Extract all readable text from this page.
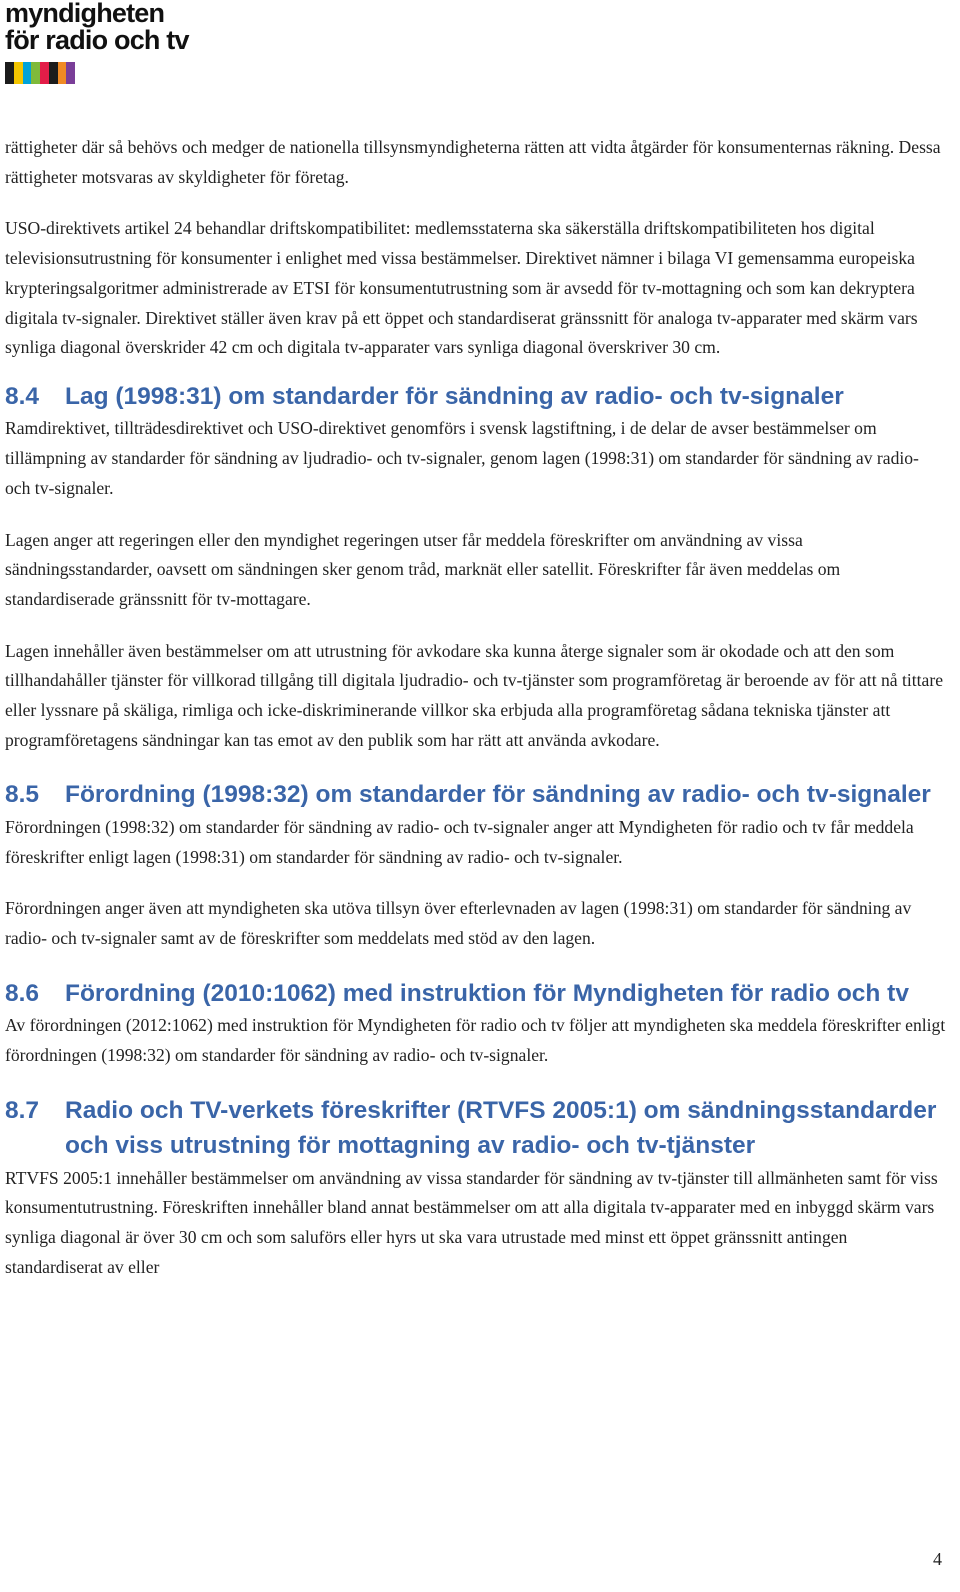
myndigheten
för radio och tv

rättigheter där så behövs och medger de nationella tillsynsmyndigheterna rätten att vidta åtgärder för konsumenternas räkning. Dessa rättigheter motsvaras av skyldigheter för företag.

USO-direktivets artikel 24 behandlar driftskompatibilitet: medlemsstaterna ska säkerställa driftskompatibiliteten hos digital televisionsutrustning för konsumenter i enlighet med vissa bestämmelser. Direktivet nämner i bilaga VI gemensamma europeiska krypteringsalgoritmer administrerade av ETSI för konsumentutrustning som är avsedd för tv-mottagning och som kan dekryptera digitala tv-signaler. Direktivet ställer även krav på ett öppet och standardiserat gränssnitt för analoga tv-apparater med skärm vars synliga diagonal överskrider 42 cm och digitala tv-apparater vars synliga diagonal överskriver 30 cm.

8.4	Lag (1998:31) om standarder för sändning av radio- och tv-signaler

Ramdirektivet, tillträdesdirektivet och USO-direktivet genomförs i svensk lagstiftning, i de delar de avser bestämmelser om tillämpning av standarder för sändning av ljudradio- och tv-signaler, genom lagen (1998:31) om standarder för sändning av radio- och tv-signaler.

Lagen anger att regeringen eller den myndighet regeringen utser får meddela föreskrifter om användning av vissa sändningsstandarder, oavsett om sändningen sker genom tråd, marknät eller satellit. Föreskrifter får även meddelas om standardiserade gränssnitt för tv-mottagare.

Lagen innehåller även bestämmelser om att utrustning för avkodare ska kunna återge signaler som är okodade och att den som tillhandahåller tjänster för villkorad tillgång till digitala ljudradio- och tv-tjänster som programföretag är beroende av för att nå tittare eller lyssnare på skäliga, rimliga och icke-diskriminerande villkor ska erbjuda alla programföretag sådana tekniska tjänster att programföretagens sändningar kan tas emot av den publik som har rätt att använda avkodare.

8.5	Förordning (1998:32) om standarder för sändning av radio- och tv-signaler

Förordningen (1998:32) om standarder för sändning av radio- och tv-signaler anger att Myndigheten för radio och tv får meddela föreskrifter enligt lagen (1998:31) om standarder för sändning av radio- och tv-signaler.

Förordningen anger även att myndigheten ska utöva tillsyn över efterlevnaden av lagen (1998:31) om standarder för sändning av radio- och tv-signaler samt av de föreskrifter som meddelats med stöd av den lagen.

8.6	Förordning (2010:1062) med instruktion för Myndigheten för radio och tv

Av förordningen (2012:1062) med instruktion för Myndigheten för radio och tv följer att myndigheten ska meddela föreskrifter enligt förordningen (1998:32) om standarder för sändning av radio- och tv-signaler.

8.7	Radio och TV-verkets föreskrifter (RTVFS 2005:1) om sändningsstandarder och viss utrustning för mottagning av radio- och tv-tjänster

RTVFS 2005:1 innehåller bestämmelser om användning av vissa standarder för sändning av tv-tjänster till allmänheten samt för viss konsumentutrustning. Föreskriften innehåller bland annat bestämmelser om att alla digitala tv-apparater med en inbyggd skärm vars synliga diagonal är över 30 cm och som saluförs eller hyrs ut ska vara utrustade med minst ett öppet gränssnitt antingen standardiserat av eller

4
